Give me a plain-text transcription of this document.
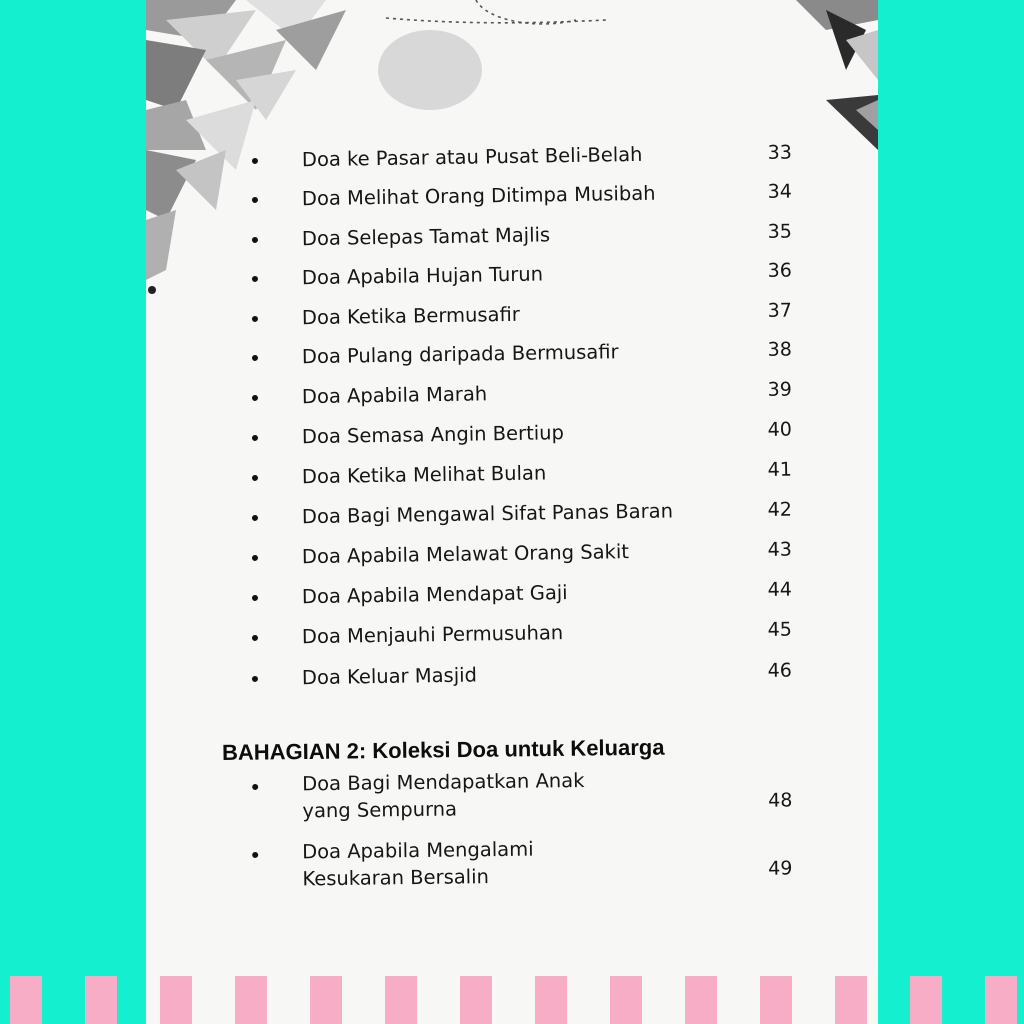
Doa ke Pasar atau Pusat Beli-Belah	33
Doa Melihat Orang Ditimpa Musibah	34
Doa Selepas Tamat Majlis	35
Doa Apabila Hujan Turun	36
Doa Ketika Bermusafir	37
Doa Pulang daripada Bermusafir	38
Doa Apabila Marah	39
Doa Semasa Angin Bertiup	40
Doa Ketika Melihat Bulan	41
Doa Bagi Mengawal Sifat Panas Baran	42
Doa Apabila Melawat Orang Sakit	43
Doa Apabila Mendapat Gaji	44
Doa Menjauhi Permusuhan	45
Doa Keluar Masjid	46
BAHAGIAN 2: Koleksi Doa untuk Keluarga
Doa Bagi Mendapatkan Anak
yang Sempurna	48
Doa Apabila Mengalami
Kesukaran Bersalin	49
